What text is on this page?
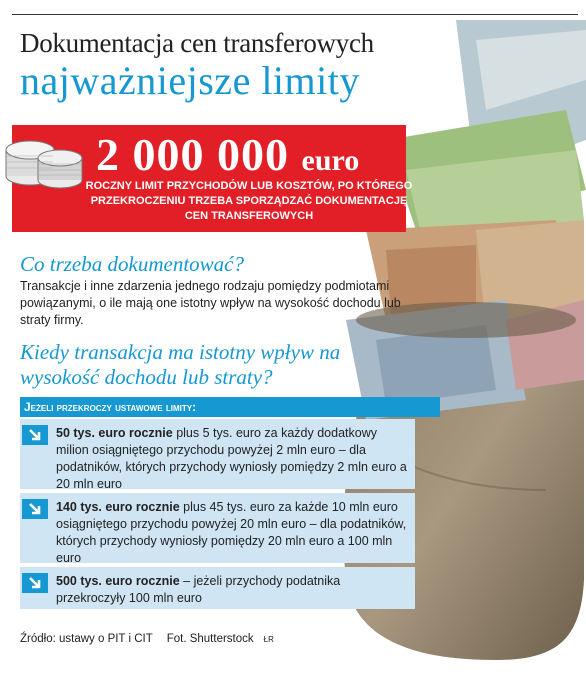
Dokumentacja cen transferowych
najważniejsze limity
2 000 000 euro
ROCZNY LIMIT PRZYCHODÓW LUB KOSZTÓW, PO KTÓREGO PRZEKROCZENIU TRZEBA SPORZĄDZAĆ DOKUMENTACJĘ CEN TRANSFEROWYCH
Co trzeba dokumentować?
Transakcje i inne zdarzenia jednego rodzaju pomiędzy podmiotami powiązanymi, o ile mają one istotny wpływ na wysokość dochodu lub straty firmy.
Kiedy transakcja ma istotny wpływ na wysokość dochodu lub straty?
Jeżeli przekroczy ustawowe limity:
50 tys. euro rocznie plus 5 tys. euro za każdy dodatkowy milion osiągniętego przychodu powyżej 2 mln euro – dla podatników, których przychody wyniosły pomiędzy 2 mln euro a 20 mln euro
140 tys. euro rocznie plus 45 tys. euro za każde 10 mln euro osiągniętego przychodu powyżej 20 mln euro – dla podatników, których przychody wyniosły pomiędzy 20 mln euro a 100 mln euro
500 tys. euro rocznie – jeżeli przychody podatnika przekroczyły 100 mln euro
Źródło: ustawy o PIT i CIT Fot. Shutterstock ŁR
